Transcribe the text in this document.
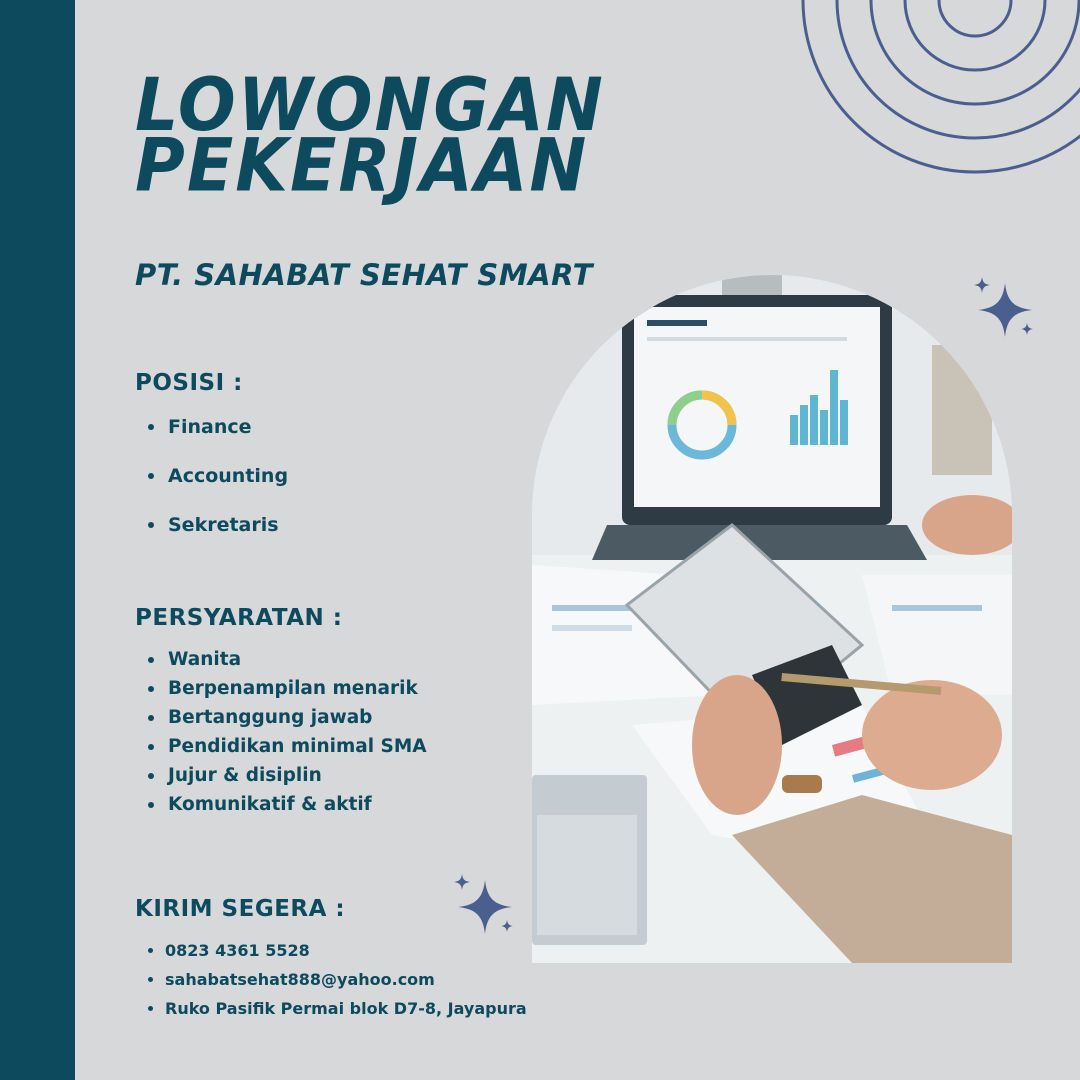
LOWONGAN
PEKERJAAN
PT. SAHABAT SEHAT SMART
POSISI :
Finance
Accounting
Sekretaris
PERSYARATAN :
Wanita
Berpenampilan menarik
Bertanggung jawab
Pendidikan minimal SMA
Jujur & disiplin
Komunikatif & aktif
KIRIM SEGERA :
0823 4361 5528
sahabatsehat888@yahoo.com
Ruko Pasifik Permai blok D7-8, Jayapura
